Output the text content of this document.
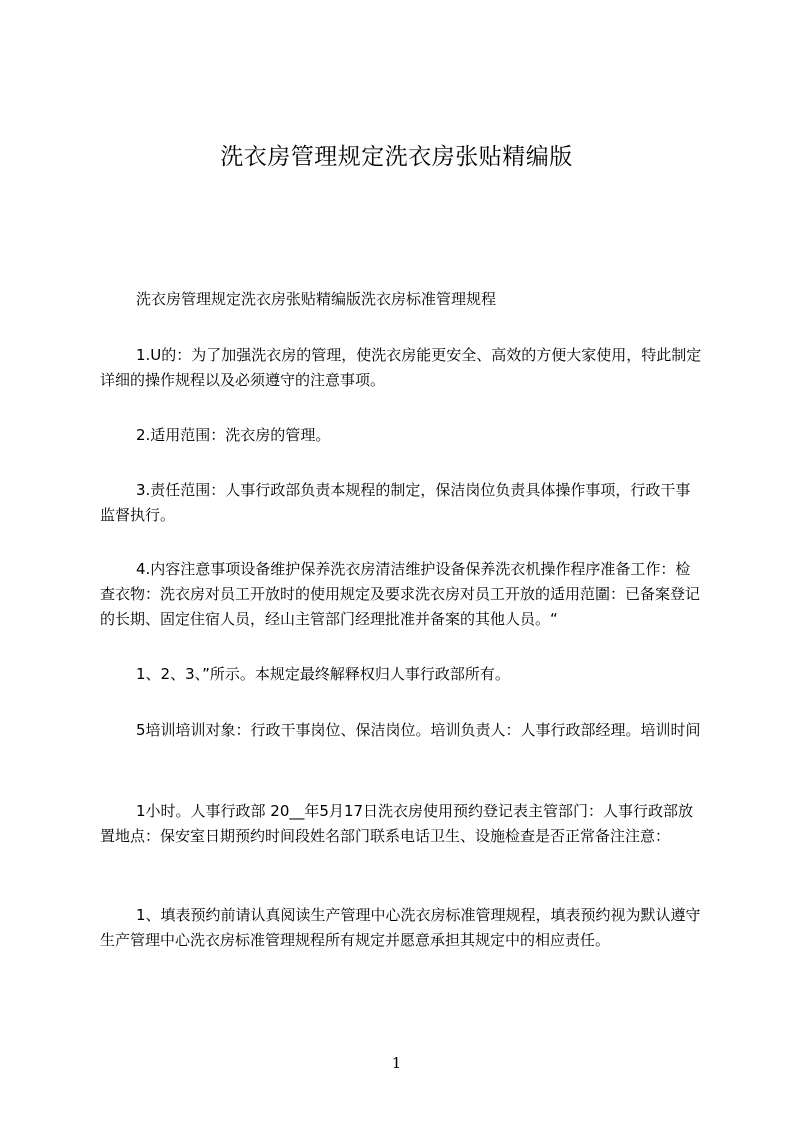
洗衣房管理规定洗衣房张贴精编版

洗衣房管理规定洗衣房张贴精编版洗衣房标准管理规程

1.U的：为了加强洗衣房的管理，使洗衣房能更安全、高效的方便大家使用，特此制定详细的操作规程以及必须遵守的注意事项。

2.适用范围：洗衣房的管理。

3.责任范围：人事行政部负责本规程的制定，保洁岗位负责具体操作事项，行政干事监督执行。

4.内容注意事项设备维护保养洗衣房清洁维护设备保养洗衣机操作程序准备工作：检查衣物：洗衣房对员工开放时的使用规定及要求洗衣房对员工开放的适用范圍：已备案登记的长期、固定住宿人员，经山主管部门经理批准并备案的其他人员。“

1、2、3、”所示。本规定最终解释权归人事行政部所有。

5培训培训对象：行政干事岗位、保洁岗位。培训负责人：人事行政部经理。培训时间

1小时。人事行政部 20__年5月17日洗衣房使用预约登记表主管部门：人事行政部放置地点：保安室日期预约时间段姓名部门联系电话卫生、设施检查是否正常备注注意：

1、填表预约前请认真阅读生产管理中心洗衣房标准管理规程，填表预约视为默认遵守生产管理中心洗衣房标准管理规程所有规定并愿意承担其规定中的相应责任。

1
